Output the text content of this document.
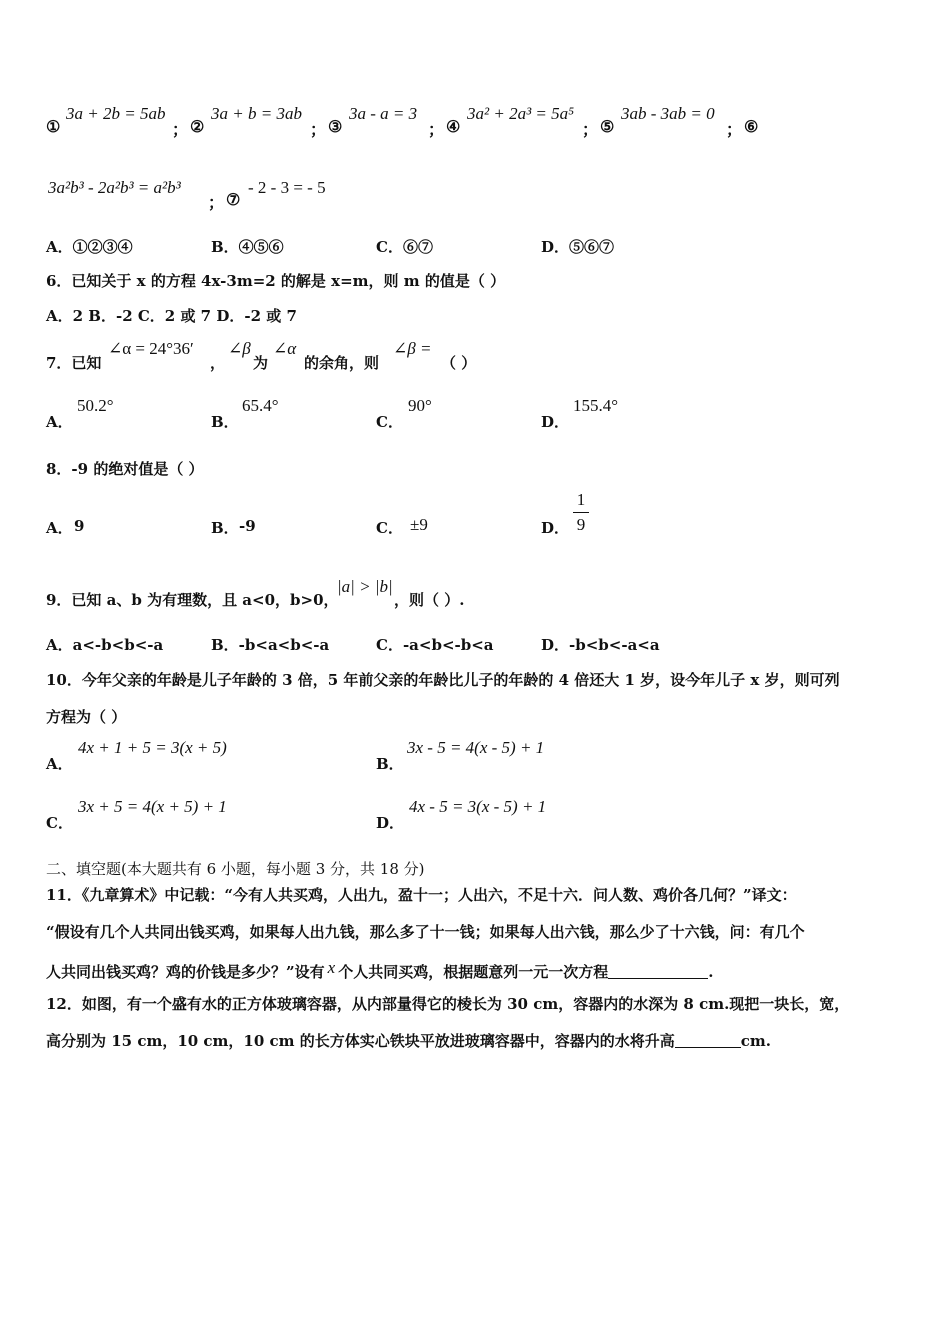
①
3a + 2b = 5ab
； ②
3a + b = 3ab
； ③
3a - a = 3
； ④
3a² + 2a³ = 5a⁵
； ⑤
3ab - 3ab = 0
； ⑥
3a²b³ - 2a²b³ = a²b³
； ⑦
- 2 - 3 = - 5
A．①②③④	B．④⑤⑥	C．⑥⑦	D．⑤⑥⑦
6．已知关于 x 的方程 4x-3m=2 的解是 x=m，则 m 的值是（ ）
A．2 B．-2 C．2 或 7 D．-2 或 7
7．已知
∠α = 24°36′
，
∠β
为
∠α
的余角，则
∠β =
（ ）
A．
50.2°
B．
65.4°
C．
90°
D．
155.4°
8．-9 的绝对值是（ ）
A． 9	B． -9	C． ±9	D．
1
9
9．已知 a、b 为有理数，且 a<0，b>0，
|a| > |b|
，则（ ）.
A．a<-b<b<-a	B．-b<a<b<-a	C．-a<b<-b<a	D．-b<b<-a<a
10．今年父亲的年龄是儿子年龄的 3 倍，5 年前父亲的年龄比儿子的年龄的 4 倍还大 1 岁，设今年儿子 x 岁，则可列
方程为（ ）
A．
4x + 1 + 5 = 3(x + 5)
B．
3x - 5 = 4(x - 5) + 1
C．
3x + 5 = 4(x + 5) + 1
D．
4x - 5 = 3(x - 5) + 1
二、填空题(本大题共有 6 小题，每小题 3 分，共 18 分)
11．《九章算术》中记载：“今有人共买鸡，人出九，盈十一；人出六，不足十六．问人数、鸡价各几何？”译文：
“假设有几个人共同出钱买鸡，如果每人出九钱，那么多了十一钱；如果每人出六钱，那么少了十六钱，问：有几个
人共同出钱买鸡？鸡的价钱是多少？”设有 x 个人共同买鸡，根据题意列一元一次方程	.
12．如图，有一个盛有水的正方体玻璃容器，从内部量得它的棱长为 30 cm，容器内的水深为 8 cm.现把一块长，宽，
高分别为 15 cm，10 cm，10 cm 的长方体实心铁块平放进玻璃容器中，容器内的水将升高	cm.
